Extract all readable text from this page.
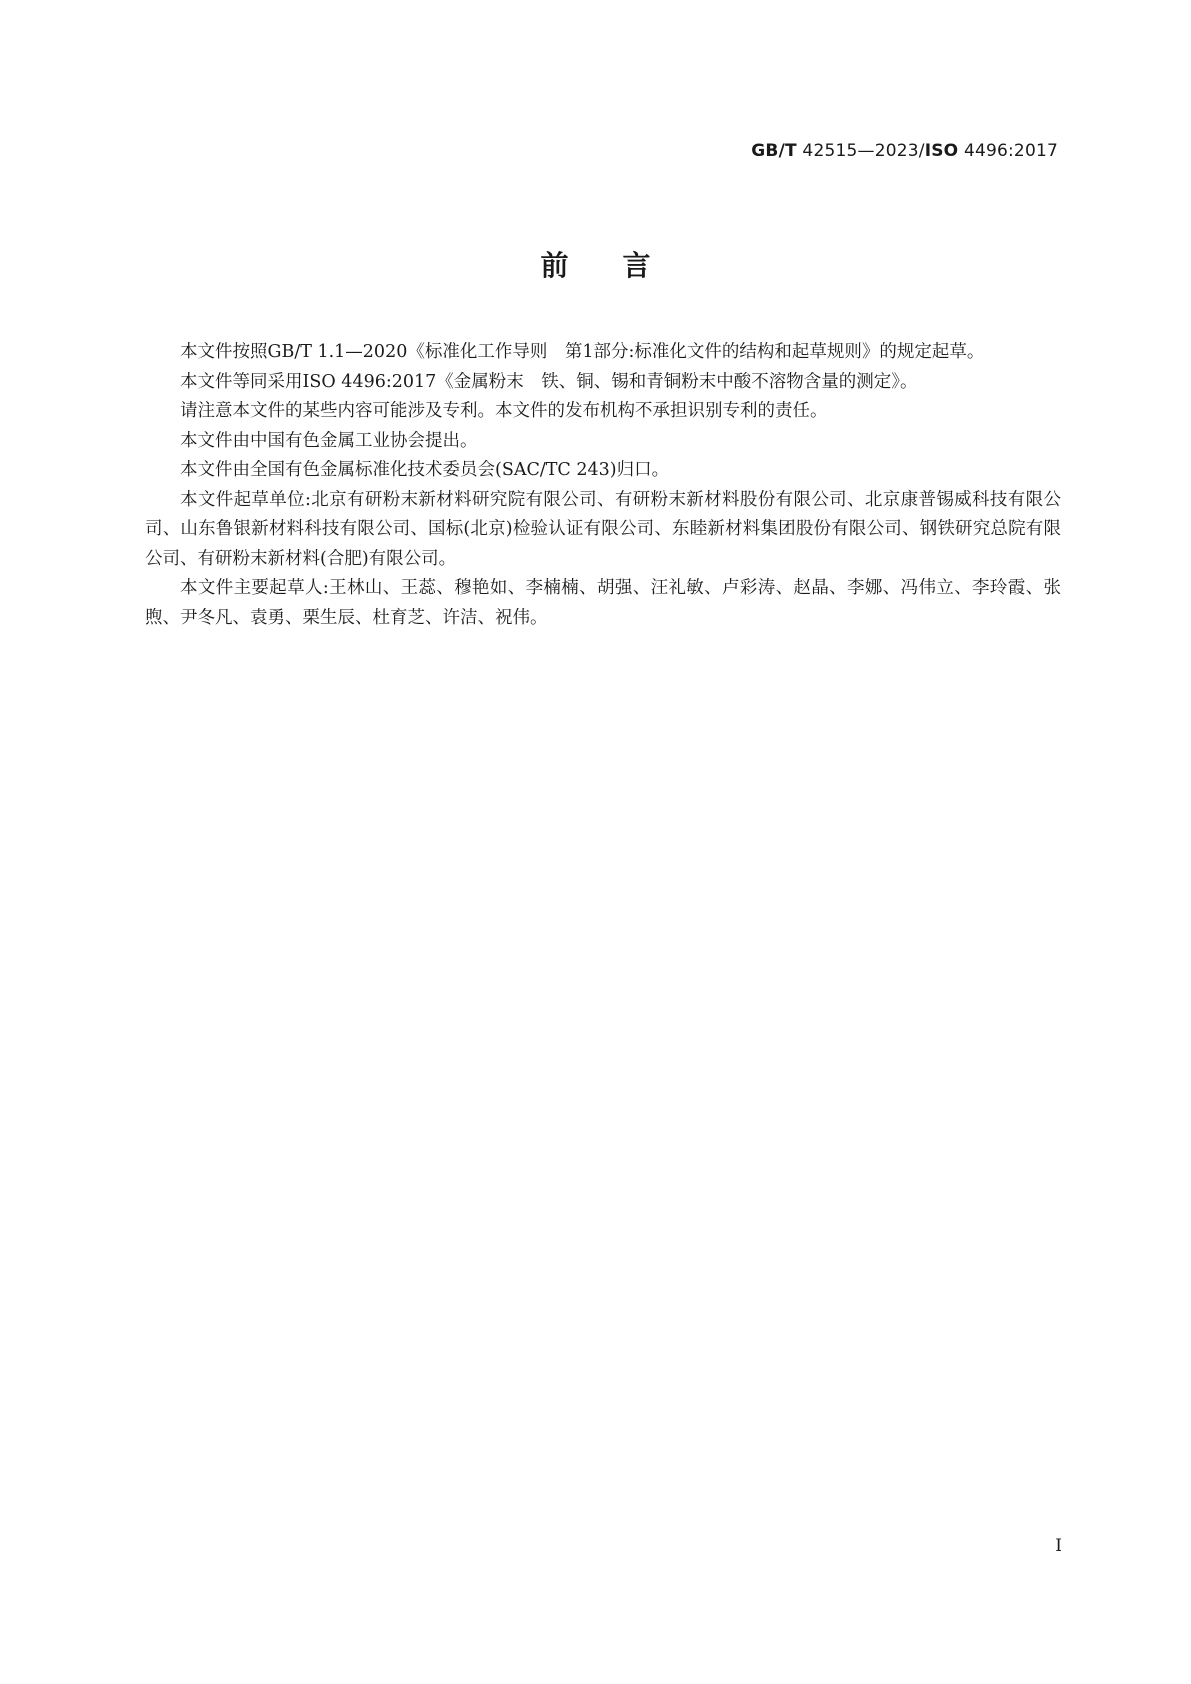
GB/T 42515—2023/ISO 4496:2017
前言

本文件按照GB/T 1.1—2020《标准化工作导则　第1部分:标准化文件的结构和起草规则》的规定起草。

本文件等同采用ISO 4496:2017《金属粉末　铁、铜、锡和青铜粉末中酸不溶物含量的测定》。

请注意本文件的某些内容可能涉及专利。本文件的发布机构不承担识别专利的责任。

本文件由中国有色金属工业协会提出。

本文件由全国有色金属标准化技术委员会(SAC/TC 243)归口。

本文件起草单位:北京有研粉末新材料研究院有限公司、有研粉末新材料股份有限公司、北京康普锡威科技有限公司、山东鲁银新材料科技有限公司、国标(北京)检验认证有限公司、东睦新材料集团股份有限公司、钢铁研究总院有限公司、有研粉末新材料(合肥)有限公司。

本文件主要起草人:王林山、王蕊、穆艳如、李楠楠、胡强、汪礼敏、卢彩涛、赵晶、李娜、冯伟立、李玲霞、张煦、尹冬凡、袁勇、栗生辰、杜育芝、许洁、祝伟。

I
